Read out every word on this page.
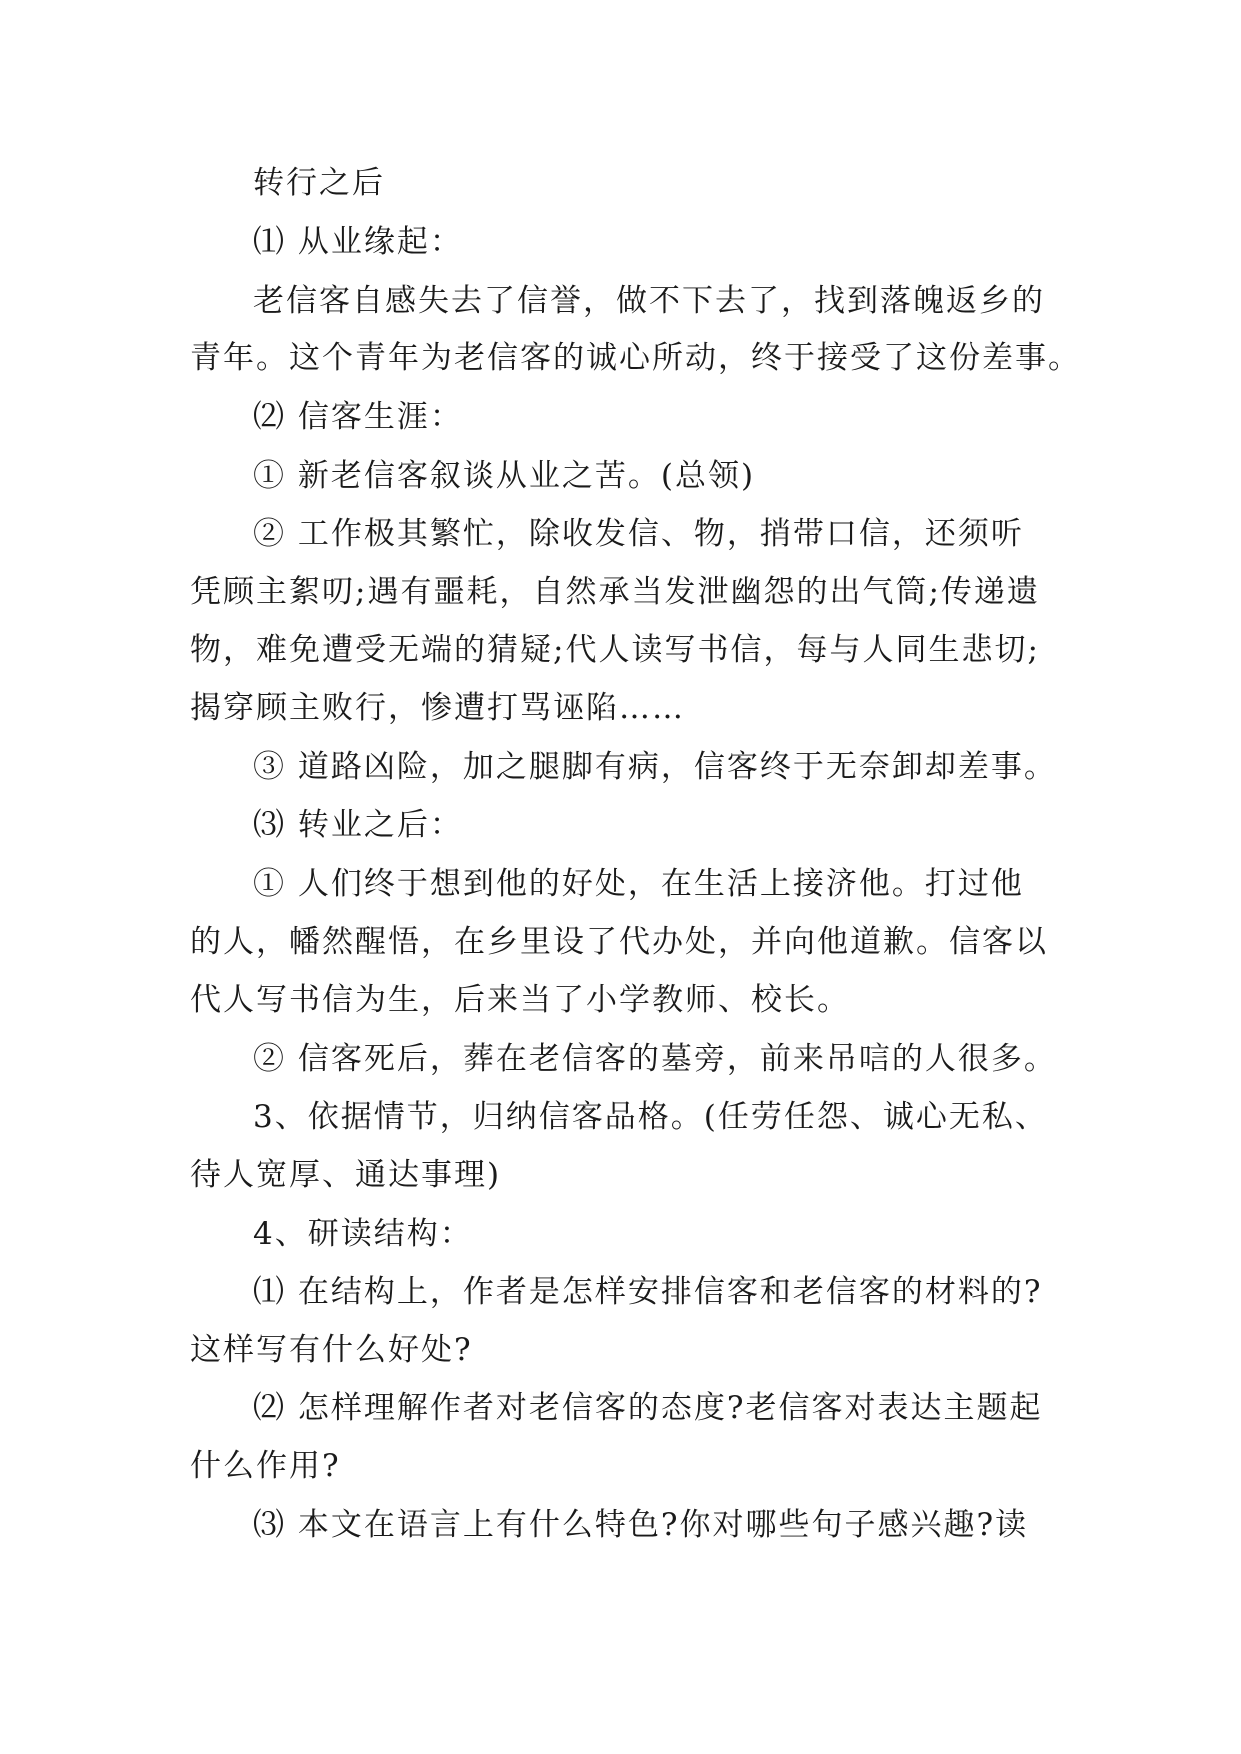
转行之后
⑴ 从业缘起：
老信客自感失去了信誉，做不下去了，找到落魄返乡的
青年。这个青年为老信客的诚心所动，终于接受了这份差事。
⑵ 信客生涯：
① 新老信客叙谈从业之苦。(总领)
② 工作极其繁忙，除收发信、物，捎带口信，还须听
凭顾主絮叨;遇有噩耗，自然承当发泄幽怨的出气筒;传递遗
物，难免遭受无端的猜疑;代人读写书信，每与人同生悲切;
揭穿顾主败行，惨遭打骂诬陷……
③ 道路凶险，加之腿脚有病，信客终于无奈卸却差事。
⑶ 转业之后：
① 人们终于想到他的好处，在生活上接济他。打过他
的人，幡然醒悟，在乡里设了代办处，并向他道歉。信客以
代人写书信为生，后来当了小学教师、校长。
② 信客死后，葬在老信客的墓旁，前来吊唁的人很多。
3、依据情节，归纳信客品格。(任劳任怨、诚心无私、
待人宽厚、通达事理)
4、研读结构：
⑴ 在结构上，作者是怎样安排信客和老信客的材料的?
这样写有什么好处?
⑵ 怎样理解作者对老信客的态度?老信客对表达主题起
什么作用?
⑶ 本文在语言上有什么特色?你对哪些句子感兴趣?读
